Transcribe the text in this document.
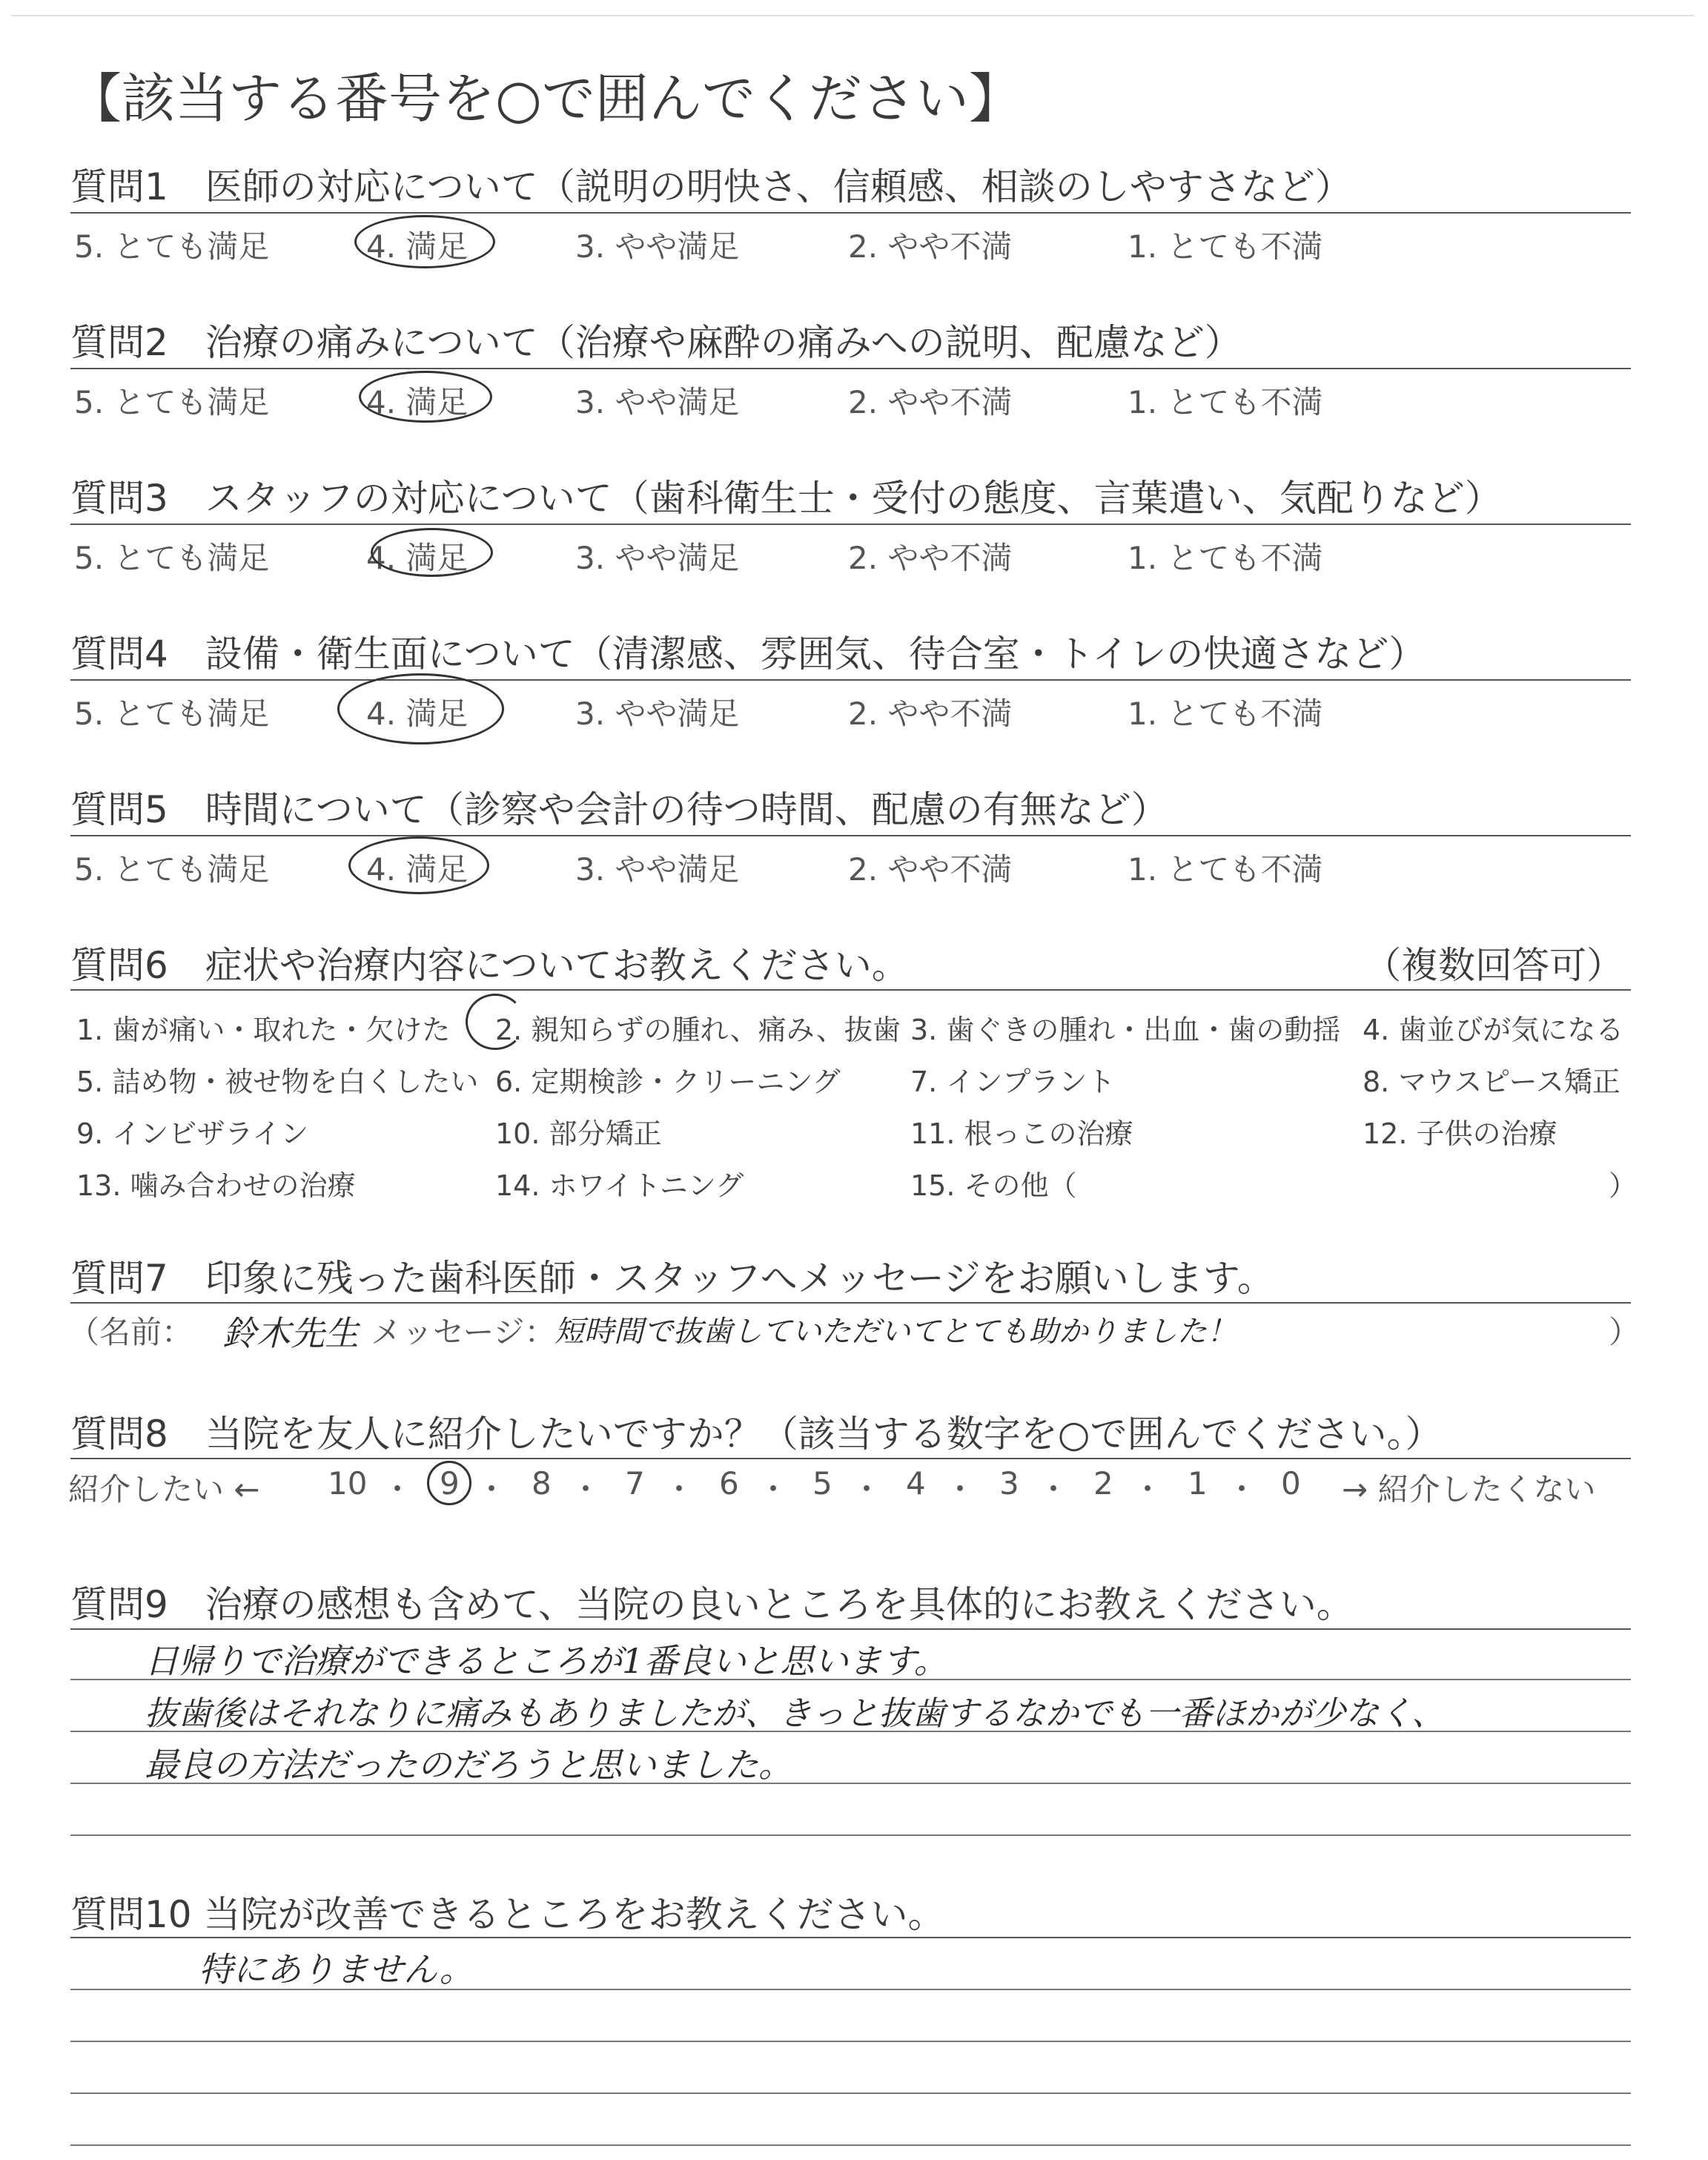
【該当する番号を○で囲んでください】
質問1　医師の対応について（説明の明快さ、信頼感、相談のしやすさなど）
5. とても満足	4. 満足	3. やや満足	2. やや不満	1. とても不満
質問2　治療の痛みについて（治療や麻酔の痛みへの説明、配慮など）
5. とても満足	4. 満足	3. やや満足	2. やや不満	1. とても不満
質問3　スタッフの対応について（歯科衛生士・受付の態度、言葉遣い、気配りなど）
5. とても満足	4. 満足	3. やや満足	2. やや不満	1. とても不満
質問4　設備・衛生面について（清潔感、雰囲気、待合室・トイレの快適さなど）
5. とても満足	4. 満足	3. やや満足	2. やや不満	1. とても不満
質問5　時間について（診察や会計の待つ時間、配慮の有無など）
5. とても満足	4. 満足	3. やや満足	2. やや不満	1. とても不満
質問6　症状や治療内容についてお教えください。	（複数回答可）
1. 歯が痛い・取れた・欠けた 2. 親知らずの腫れ、痛み、抜歯 3. 歯ぐきの腫れ・出血・歯の動揺 4. 歯並びが気になる
5. 詰め物・被せ物を白くしたい 6. 定期検診・クリーニング 7. インプラント	8. マウスピース矯正
9. インビザライン	10. 部分矯正	11. 根っこの治療	12. 子供の治療
13. 噛み合わせの治療	14. ホワイトニング	15. その他（	）
質問7　印象に残った歯科医師・スタッフへメッセージをお願いします。
（名前： 鈴木先生 メッセージ：
短時間で抜歯していただいてとても助かりました！	）
質問8　当院を友人に紹介したいですか？（該当する数字を○で囲んでください。）
紹介したい ← 10 ・ 9 ・ 8 ・ 7 ・ 6 ・ 5 ・ 4 ・ 3 ・ 2 ・ 1 ・ 0 → 紹介したくない
質問9　治療の感想も含めて、当院の良いところを具体的にお教えください。
日帰りで治療ができるところが1番良いと思います。
抜歯後はそれなりに痛みもありましたが、きっと抜歯するなかでも一番ほかが少なく、
最良の方法だったのだろうと思いました。
質問10 当院が改善できるところをお教えください。
特にありません。
